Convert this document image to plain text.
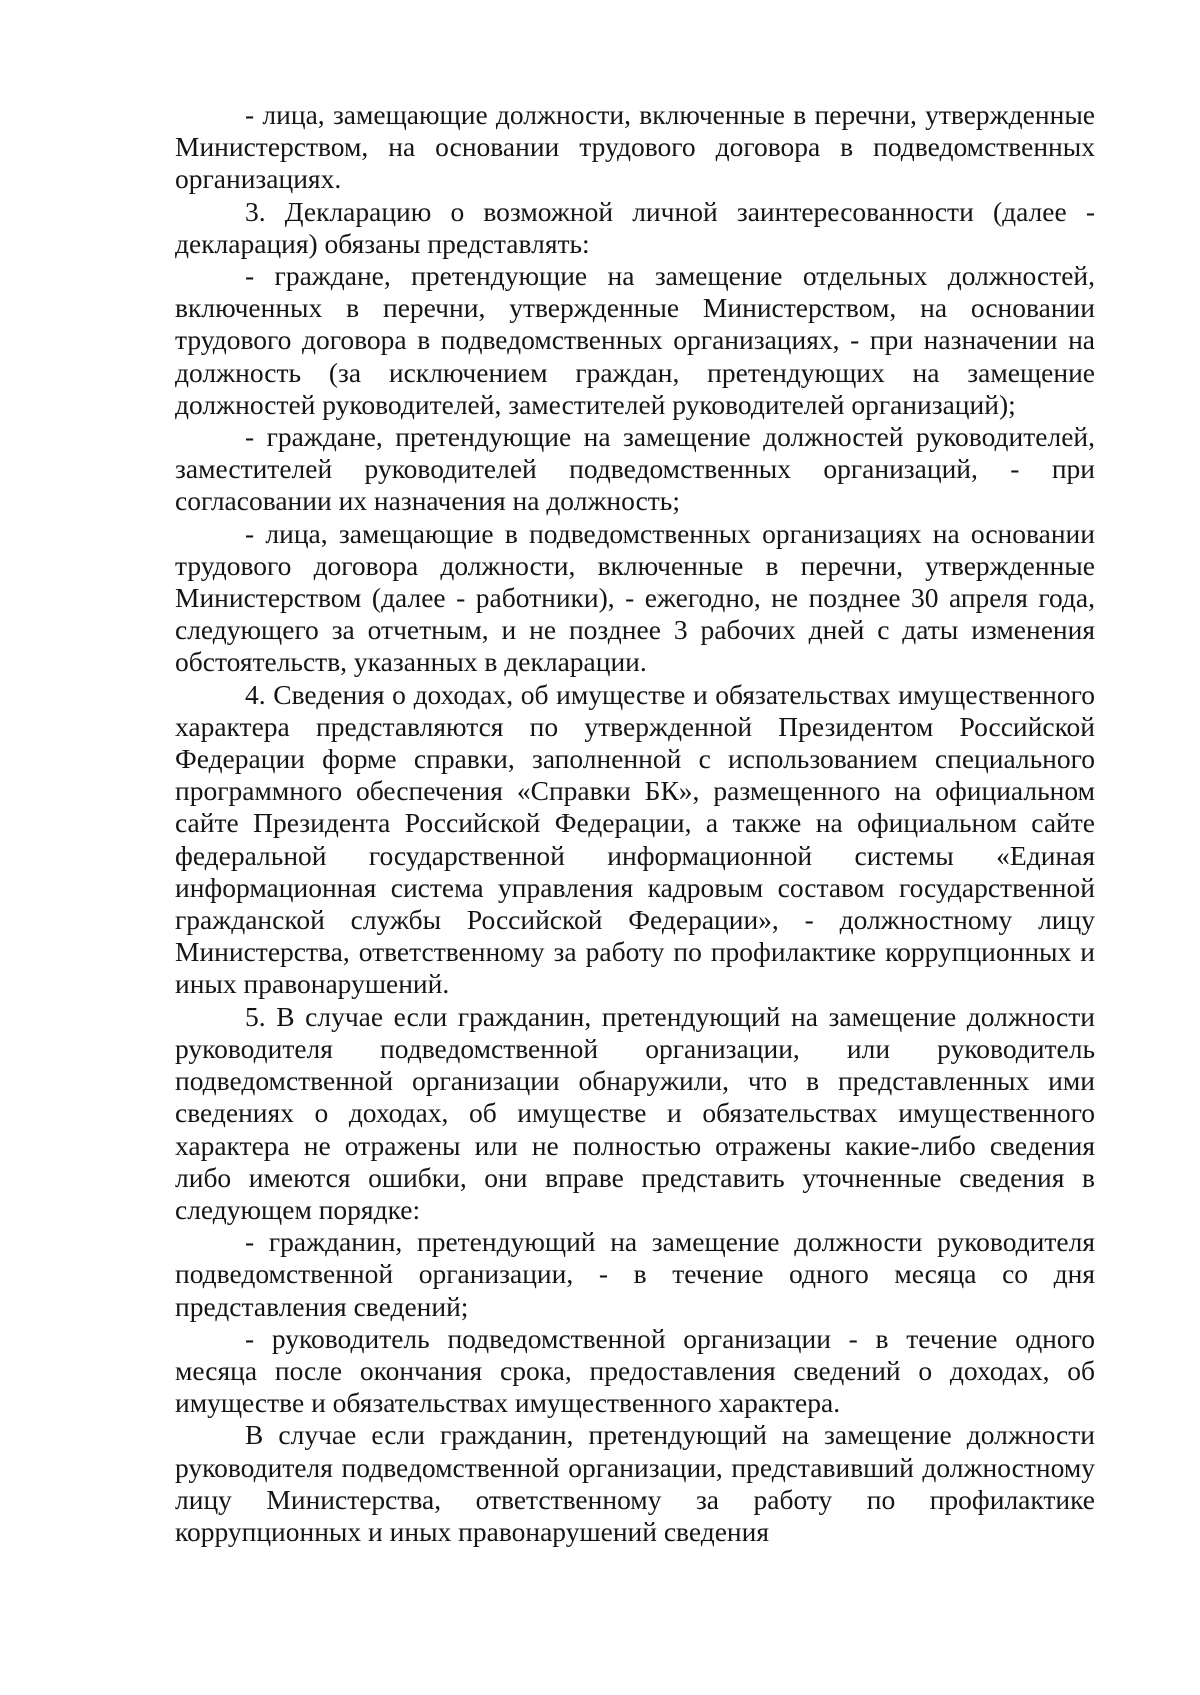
- лица, замещающие должности, включенные в перечни, утвержденные Министерством, на основании трудового договора в подведомственных организациях.

3. Декларацию о возможной личной заинтересованности (далее - декларация) обязаны представлять:

- граждане, претендующие на замещение отдельных должностей, включенных в перечни, утвержденные Министерством, на основании трудового договора в подведомственных организациях, - при назначении на должность (за исключением граждан, претендующих на замещение должностей руководителей, заместителей руководителей организаций);

- граждане, претендующие на замещение должностей руководителей, заместителей руководителей подведомственных организаций, - при согласовании их назначения на должность;

- лица, замещающие в подведомственных организациях на основании трудового договора должности, включенные в перечни, утвержденные Министерством (далее - работники), - ежегодно, не позднее 30 апреля года, следующего за отчетным, и не позднее 3 рабочих дней с даты изменения обстоятельств, указанных в декларации.

4. Сведения о доходах, об имуществе и обязательствах имущественного характера представляются по утвержденной Президентом Российской Федерации форме справки, заполненной с использованием специального программного обеспечения «Справки БК», размещенного на официальном сайте Президента Российской Федерации, а также на официальном сайте федеральной государственной информационной системы «Единая информационная система управления кадровым составом государственной гражданской службы Российской Федерации», - должностному лицу Министерства, ответственному за работу по профилактике коррупционных и иных правонарушений.

5. В случае если гражданин, претендующий на замещение должности руководителя подведомственной организации, или руководитель подведомственной организации обнаружили, что в представленных ими сведениях о доходах, об имуществе и обязательствах имущественного характера не отражены или не полностью отражены какие-либо сведения либо имеются ошибки, они вправе представить уточненные сведения в следующем порядке:

- гражданин, претендующий на замещение должности руководителя подведомственной организации, - в течение одного месяца со дня представления сведений;

- руководитель подведомственной организации - в течение одного месяца после окончания срока, предоставления сведений о доходах, об имуществе и обязательствах имущественного характера.

В случае если гражданин, претендующий на замещение должности руководителя подведомственной организации, представивший должностному лицу Министерства, ответственному за работу по профилактике коррупционных и иных правонарушений сведения
